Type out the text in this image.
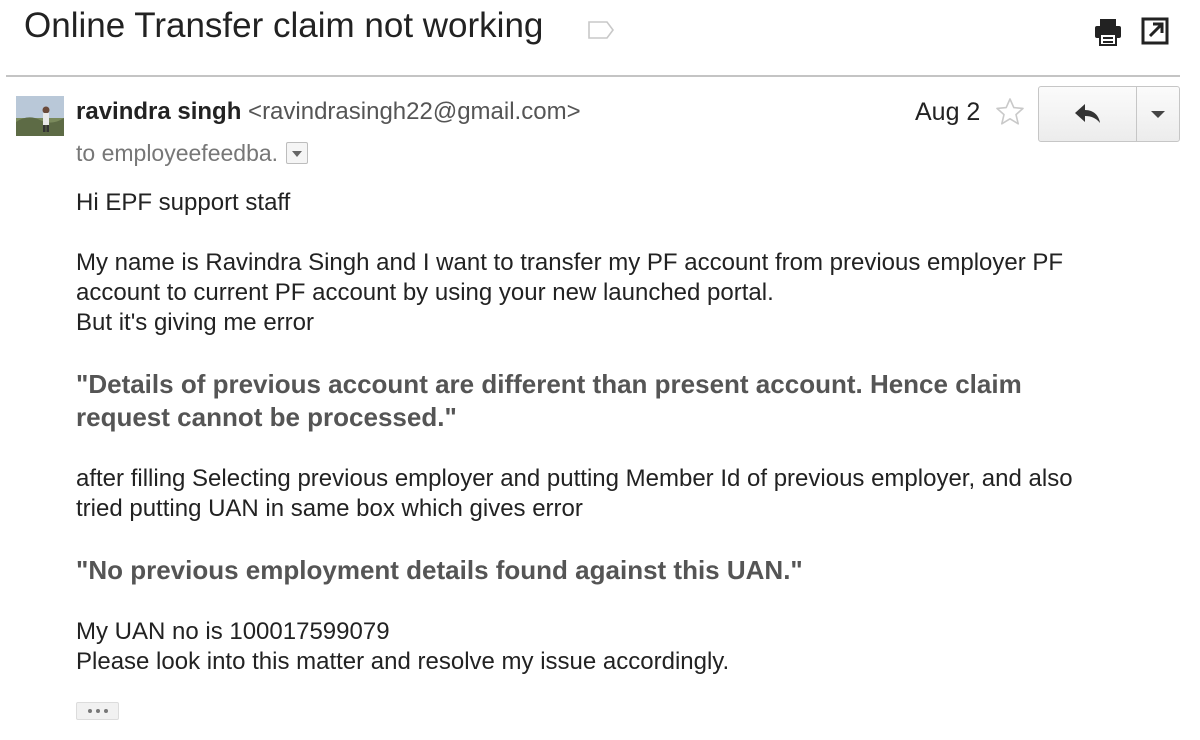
Online Transfer claim not working
ravindra singh <ravindrasingh22@gmail.com>
to employeefeedba.
Aug 2
Hi EPF support staff
My name is Ravindra Singh and I want to transfer my PF account from previous employer PF
account to current PF account by using your new launched portal.
But it's giving me error
"Details of previous account are different than present account. Hence claim
request cannot be processed."
after filling Selecting previous employer and putting Member Id of previous employer, and also
tried putting UAN in same box which gives error
"No previous employment details found against this UAN."
My UAN no is 100017599079
Please look into this matter and resolve my issue accordingly.
